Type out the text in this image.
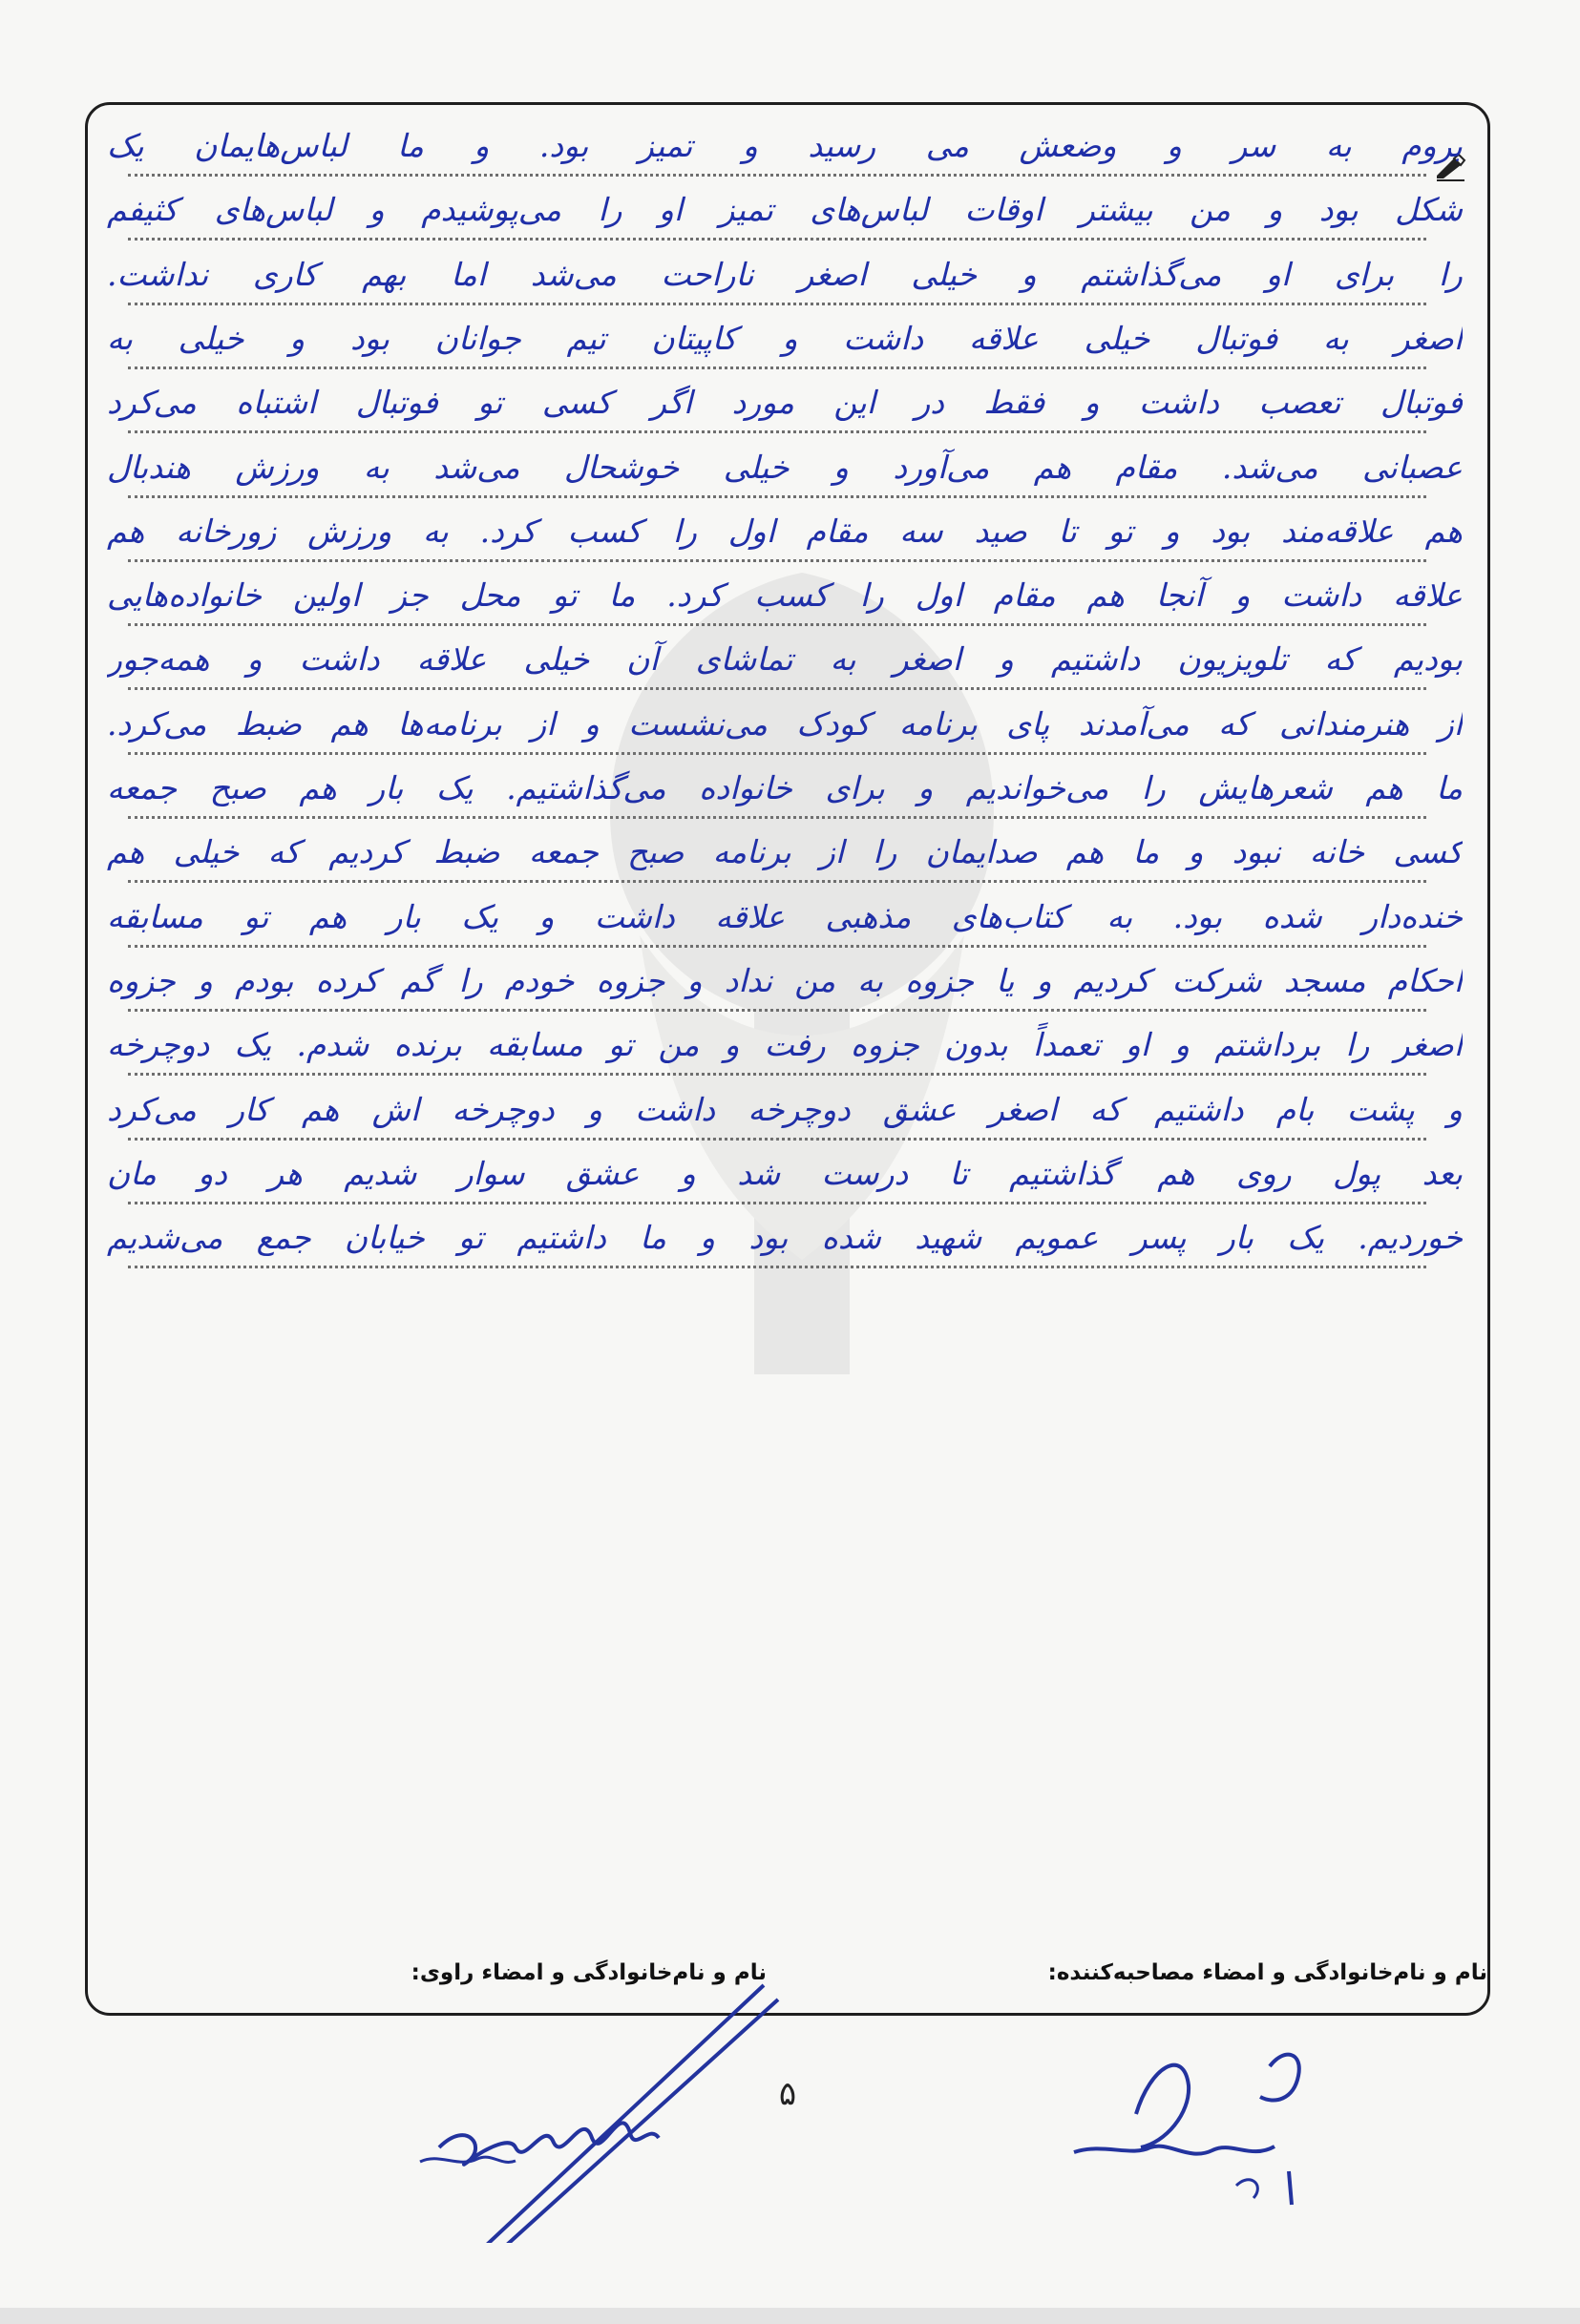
بروم به سر و وضعش می رسید و تمیز بود. و ما لباس‌هایمان یک
شکل بود و من بیشتر اوقات لباس‌های تمیز او را می‌پوشیدم و لباس‌های کثیفم
را برای او می‌گذاشتم و خیلی اصغر ناراحت می‌شد اما بهم کاری نداشت.
اصغر به فوتبال خیلی علاقه داشت و کاپیتان تیم جوانان بود و خیلی به
فوتبال تعصب داشت و فقط در این مورد اگر کسی تو فوتبال اشتباه می‌کرد
عصبانی می‌شد. مقام هم می‌آورد و خیلی خوشحال می‌شد به ورزش هندبال
هم علاقه‌مند بود و تو تا صید سه مقام اول را کسب کرد. به ورزش زورخانه هم
علاقه داشت و آنجا هم مقام اول را کسب کرد. ما تو محل جز اولین خانواده‌هایی
بودیم که تلویزیون داشتیم و اصغر به تماشای آن خیلی علاقه داشت و همه‌جور
از هنرمندانی که می‌آمدند پای برنامه کودک می‌نشست و از برنامه‌ها هم ضبط می‌کرد.
ما هم شعرهایش را می‌خواندیم و برای خانواده می‌گذاشتیم. یک بار هم صبح جمعه
کسی خانه نبود و ما هم صدایمان را از برنامه صبح جمعه ضبط کردیم که خیلی هم
خنده‌دار شده بود. به کتاب‌های مذهبی علاقه داشت و یک بار هم تو مسابقه
احکام مسجد شرکت کردیم و یا جزوه به من نداد و جزوه خودم را گم کرده بودم و جزوه
اصغر را برداشتم و او تعمداً بدون جزوه رفت و من تو مسابقه برنده شدم. یک دوچرخه
و پشت بام داشتیم که اصغر عشق دوچرخه داشت و دوچرخه اش هم کار می‌کرد
بعد پول روی هم گذاشتیم تا درست شد و عشق سوار شدیم هر دو مان
خوردیم. یک بار پسر عمویم شهید شده بود و ما داشتیم تو خیابان جمع می‌شدیم
نام و نام‌خانوادگی و امضاء مصاحبه‌کننده:
نام و نام‌خانوادگی و امضاء راوی:
۵
